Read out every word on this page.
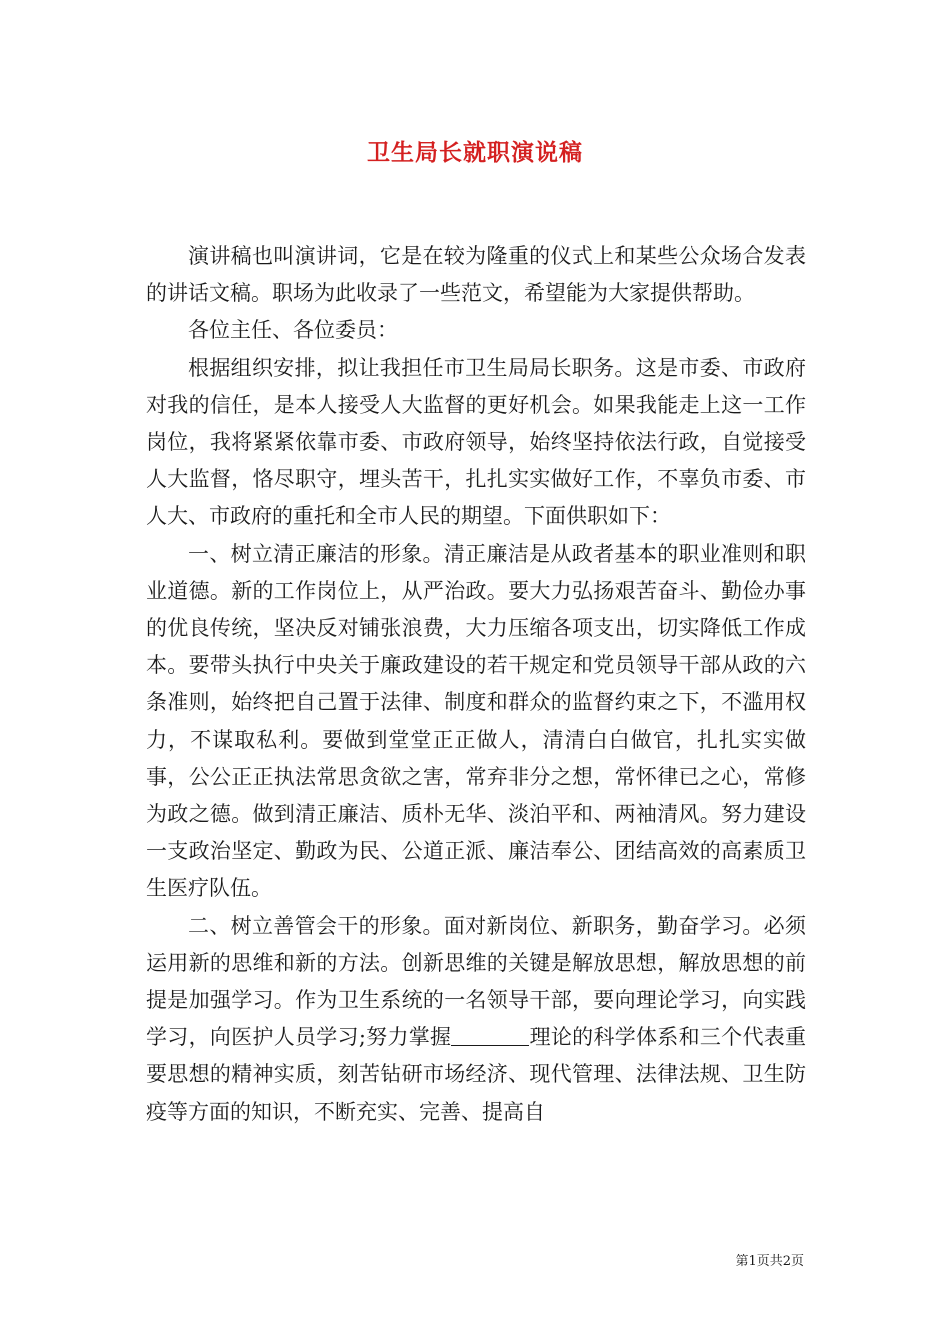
卫生局长就职演说稿

演讲稿也叫演讲词，它是在较为隆重的仪式上和某些公众场合发表的讲话文稿。职场为此收录了一些范文，希望能为大家提供帮助。

各位主任、各位委员：

根据组织安排，拟让我担任市卫生局局长职务。这是市委、市政府对我的信任，是本人接受人大监督的更好机会。如果我能走上这一工作岗位，我将紧紧依靠市委、市政府领导，始终坚持依法行政，自觉接受人大监督，恪尽职守，埋头苦干，扎扎实实做好工作，不辜负市委、市人大、市政府的重托和全市人民的期望。下面供职如下：

一、树立清正廉洁的形象。清正廉洁是从政者基本的职业准则和职业道德。新的工作岗位上，从严治政。要大力弘扬艰苦奋斗、勤俭办事的优良传统，坚决反对铺张浪费，大力压缩各项支出，切实降低工作成本。要带头执行中央关于廉政建设的若干规定和党员领导干部从政的六条准则，始终把自己置于法律、制度和群众的监督约束之下，不滥用权力，不谋取私利。要做到堂堂正正做人，清清白白做官，扎扎实实做事，公公正正执法常思贪欲之害，常弃非分之想，常怀律已之心，常修为政之德。做到清正廉洁、质朴无华、淡泊平和、两袖清风。努力建设一支政治坚定、勤政为民、公道正派、廉洁奉公、团结高效的高素质卫生医疗队伍。

二、树立善管会干的形象。面对新岗位、新职务，勤奋学习。必须运用新的思维和新的方法。创新思维的关键是解放思想，解放思想的前提是加强学习。作为卫生系统的一名领导干部，要向理论学习，向实践学习，向医护人员学习;努力掌握	理论的科学体系和三个代表重要思想的精神实质，刻苦钻研市场经济、现代管理、法律法规、卫生防疫等方面的知识，不断充实、完善、提高自

第1页共2页
